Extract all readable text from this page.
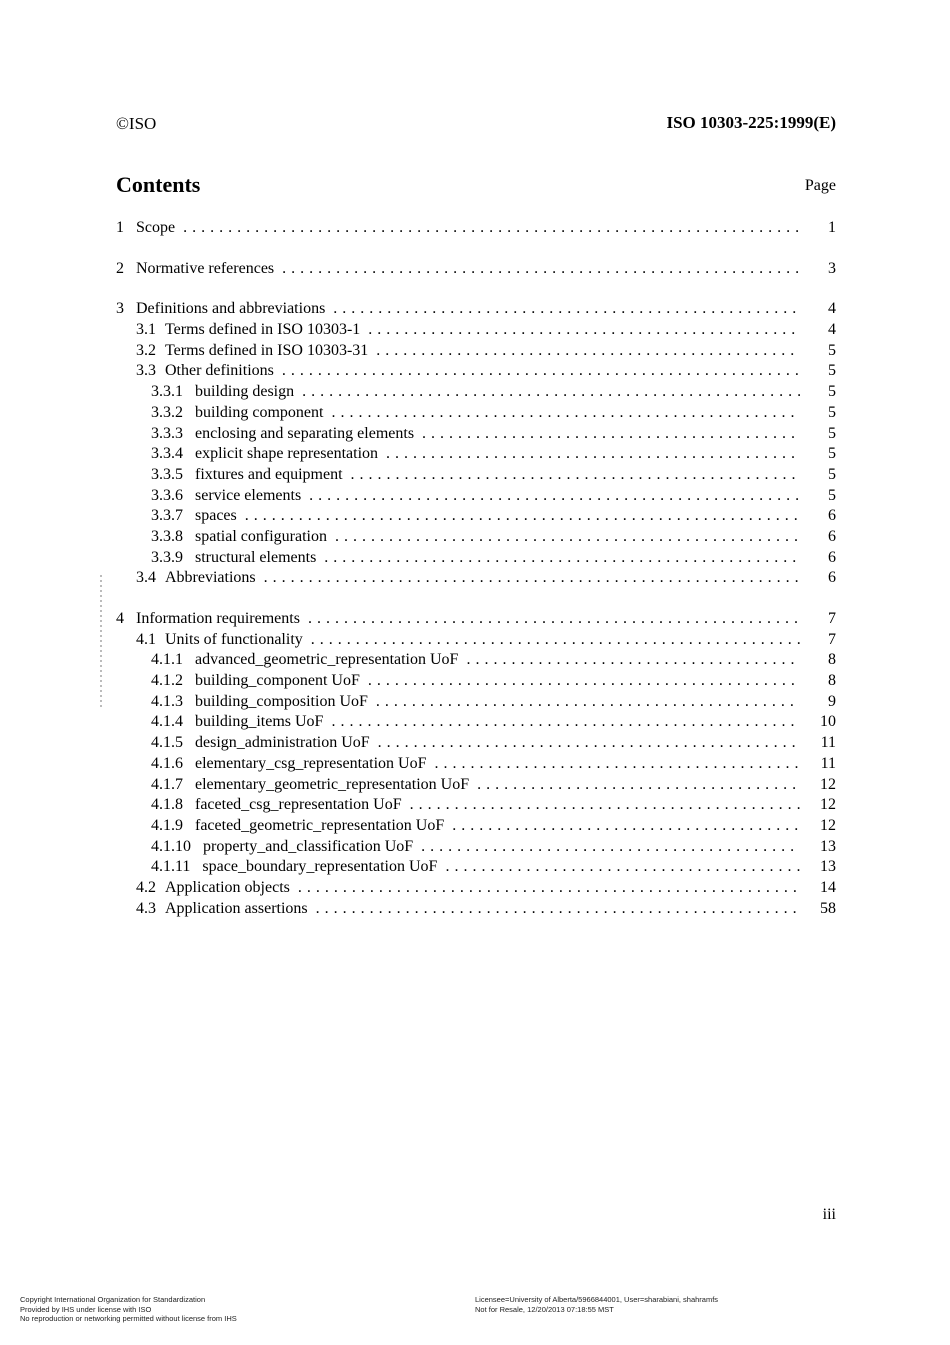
©ISO	ISO 10303-225:1999(E)
Contents	Page
1 Scope . . .	1
2 Normative references . . .	3
3 Definitions and abbreviations . . .	4
3.1 Terms defined in ISO 10303-1 . . .	4
3.2 Terms defined in ISO 10303-31 . . .	5
3.3 Other definitions . . .	5
3.3.1 building design . . .	5
3.3.2 building component . . .	5
3.3.3 enclosing and separating elements . . .	5
3.3.4 explicit shape representation . . .	5
3.3.5 fixtures and equipment . . .	5
3.3.6 service elements . . .	5
3.3.7 spaces . . .	6
3.3.8 spatial configuration . . .	6
3.3.9 structural elements . . .	6
3.4 Abbreviations . . .	6
4 Information requirements . . .	7
4.1 Units of functionality . . .	7
4.1.1 advanced_geometric_representation UoF . . .	8
4.1.2 building_component UoF . . .	8
4.1.3 building_composition UoF . . .	9
4.1.4 building_items UoF . . .	10
4.1.5 design_administration UoF . . .	11
4.1.6 elementary_csg_representation UoF . . .	11
4.1.7 elementary_geometric_representation UoF . . .	12
4.1.8 faceted_csg_representation UoF . . .	12
4.1.9 faceted_geometric_representation UoF . . .	12
4.1.10 property_and_classification UoF . . .	13
4.1.11 space_boundary_representation UoF . . .	13
4.2 Application objects . . .	14
4.3 Application assertions . . .	58
iii
Copyright International Organization for Standardization
Provided by IHS under license with ISO
No reproduction or networking permitted without license from IHS
Licensee=University of Alberta/5966844001, User=sharabiani, shahramfs
Not for Resale, 12/20/2013 07:18:55 MST
